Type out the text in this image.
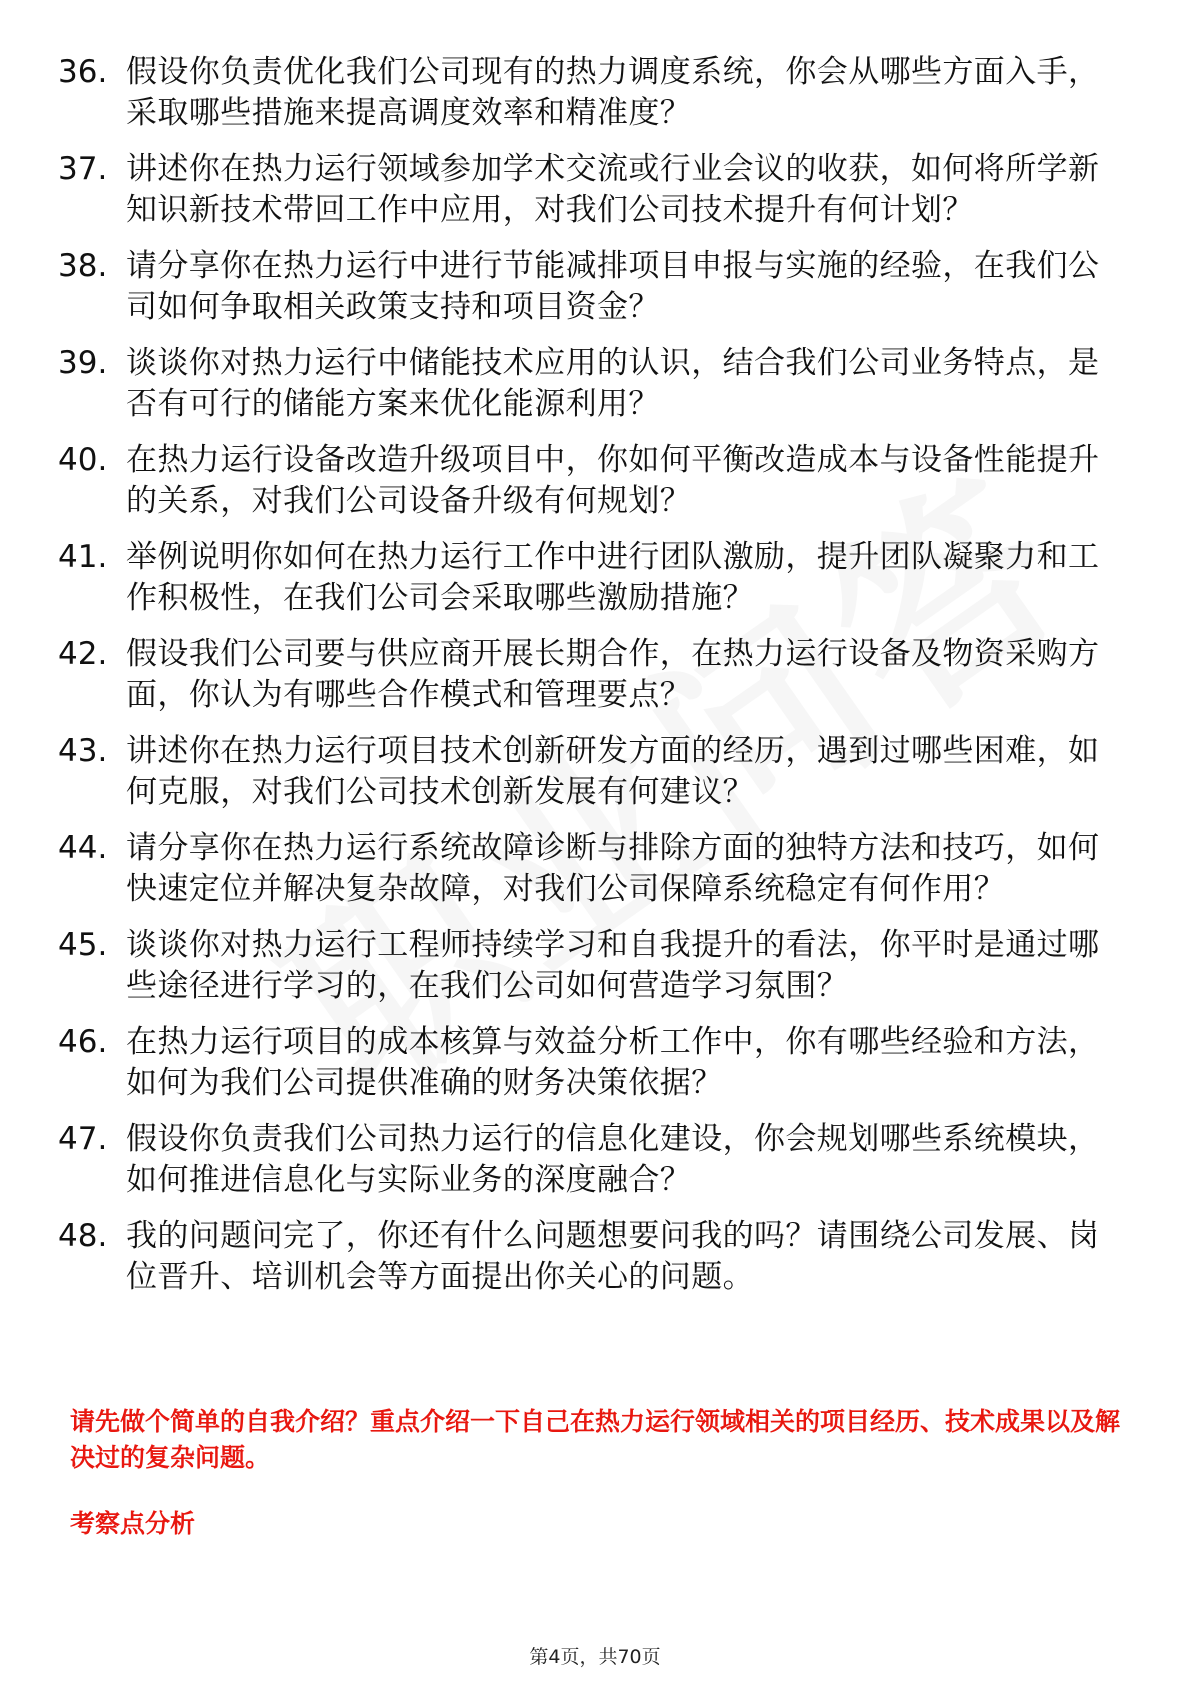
36. 假设你负责优化我们公司现有的热力调度系统，你会从哪些方面入手，采取哪些措施来提高调度效率和精准度？
37. 讲述你在热力运行领域参加学术交流或行业会议的收获，如何将所学新知识新技术带回工作中应用，对我们公司技术提升有何计划？
38. 请分享你在热力运行中进行节能减排项目申报与实施的经验，在我们公司如何争取相关政策支持和项目资金？
39. 谈谈你对热力运行中储能技术应用的认识，结合我们公司业务特点，是否有可行的储能方案来优化能源利用？
40. 在热力运行设备改造升级项目中，你如何平衡改造成本与设备性能提升的关系，对我们公司设备升级有何规划？
41. 举例说明你如何在热力运行工作中进行团队激励，提升团队凝聚力和工作积极性，在我们公司会采取哪些激励措施？
42. 假设我们公司要与供应商开展长期合作，在热力运行设备及物资采购方面，你认为有哪些合作模式和管理要点？
43. 讲述你在热力运行项目技术创新研发方面的经历，遇到过哪些困难，如何克服，对我们公司技术创新发展有何建议？
44. 请分享你在热力运行系统故障诊断与排除方面的独特方法和技巧，如何快速定位并解决复杂故障，对我们公司保障系统稳定有何作用？
45. 谈谈你对热力运行工程师持续学习和自我提升的看法，你平时是通过哪些途径进行学习的，在我们公司如何营造学习氛围？
46. 在热力运行项目的成本核算与效益分析工作中，你有哪些经验和方法，如何为我们公司提供准确的财务决策依据？
47. 假设你负责我们公司热力运行的信息化建设，你会规划哪些系统模块，如何推进信息化与实际业务的深度融合？
48. 我的问题问完了，你还有什么问题想要问我的吗？请围绕公司发展、岗位晋升、培训机会等方面提出你关心的问题。
请先做个简单的自我介绍？重点介绍一下自己在热力运行领域相关的项目经历、技术成果以及解决过的复杂问题。
考察点分析
第4页，共70页
